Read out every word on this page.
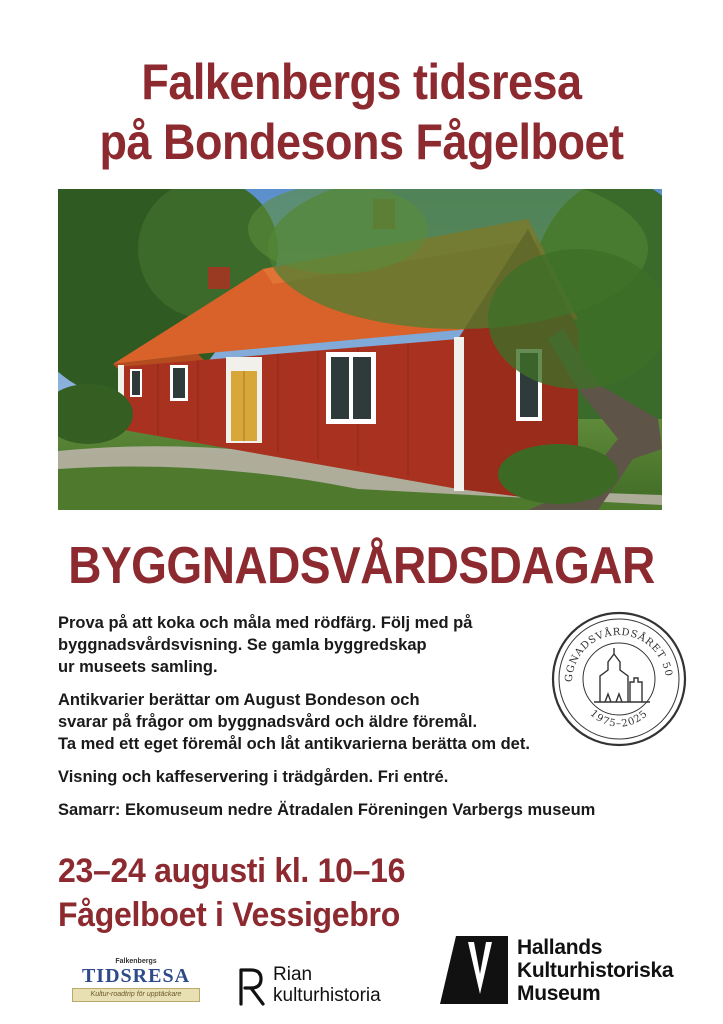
Falkenbergs tidsresa
på Bondesons Fågelboet
BYGGNADSVÅRDSDAGAR

Prova på att koka och måla med rödfärg. Följ med på
byggnadsvårdsvisning. Se gamla byggredskap
ur museets samling.

Antikvarier berättar om August Bondeson och
svarar på frågor om byggnadsvård och äldre föremål.
Ta med ett eget föremål och låt antikvarierna berätta om det.

Visning och kaffeservering i trädgården. Fri entré.

Samarr: Ekomuseum nedre Ätradalen Föreningen Varbergs museum

GGNADSVÅRDSÅRET 50
1975–2025
23–24 augusti kl. 10–16
Fågelboet i Vessigebro
Falkenbergs
TIDSRESA
Kultur-roadtrip för upptäckare
Rian
kulturhistoria
Hallands
Kulturhistoriska
Museum
